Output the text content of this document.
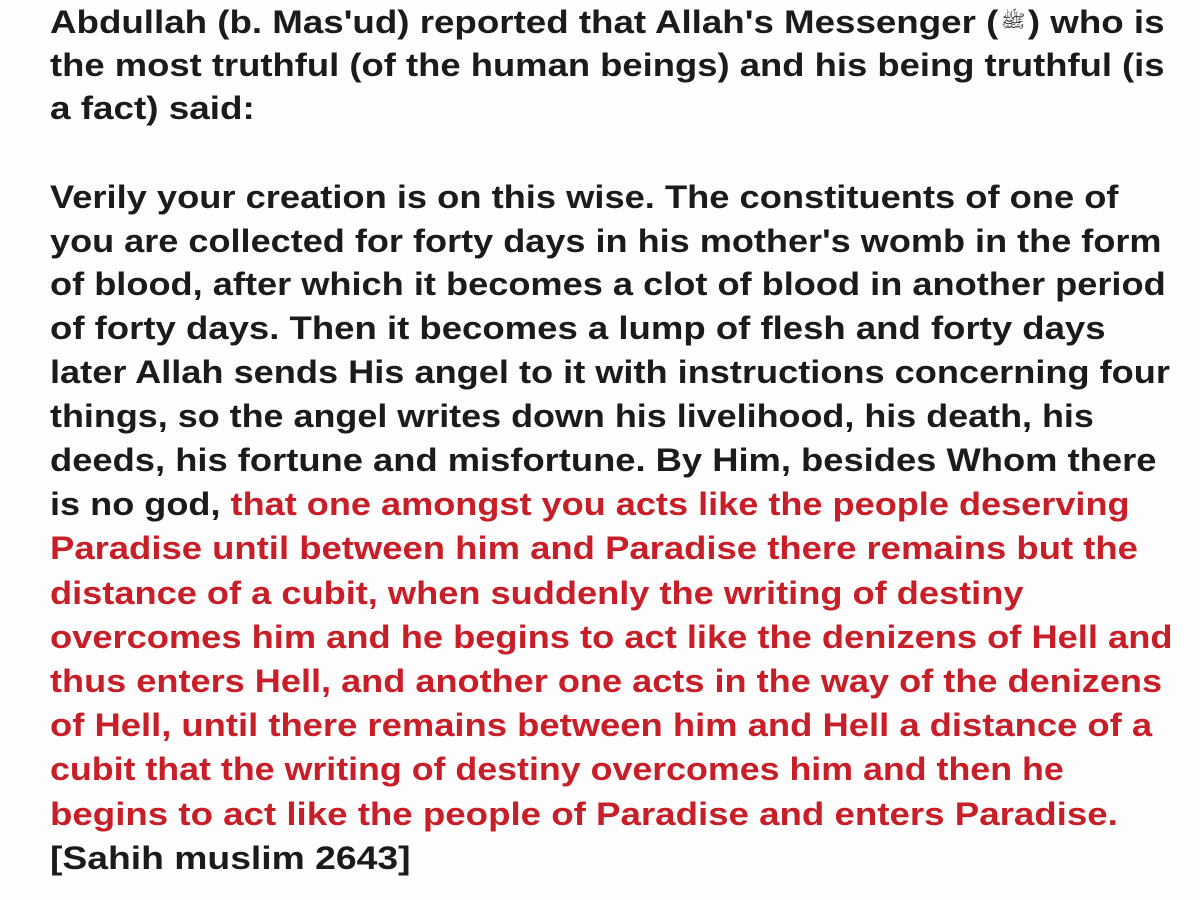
Abdullah (b. Mas'ud) reported that Allah's Messenger ( ﷺ) who is

the most truthful (of the human beings) and his being truthful (is

a fact) said:

Verily your creation is on this wise. The constituents of one of

you are collected for forty days in his mother's womb in the form

of blood, after which it becomes a clot of blood in another period

of forty days. Then it becomes a lump of flesh and forty days

later Allah sends His angel to it with instructions concerning four

things, so the angel writes down his livelihood, his death, his

deeds, his fortune and misfortune. By Him, besides Whom there

is no god, that one amongst you acts like the people deserving

Paradise until between him and Paradise there remains but the

distance of a cubit, when suddenly the writing of destiny

overcomes him and he begins to act like the denizens of Hell and

thus enters Hell, and another one acts in the way of the denizens

of Hell, until there remains between him and Hell a distance of a

cubit that the writing of destiny overcomes him and then he

begins to act like the people of Paradise and enters Paradise.

[Sahih muslim 2643]
